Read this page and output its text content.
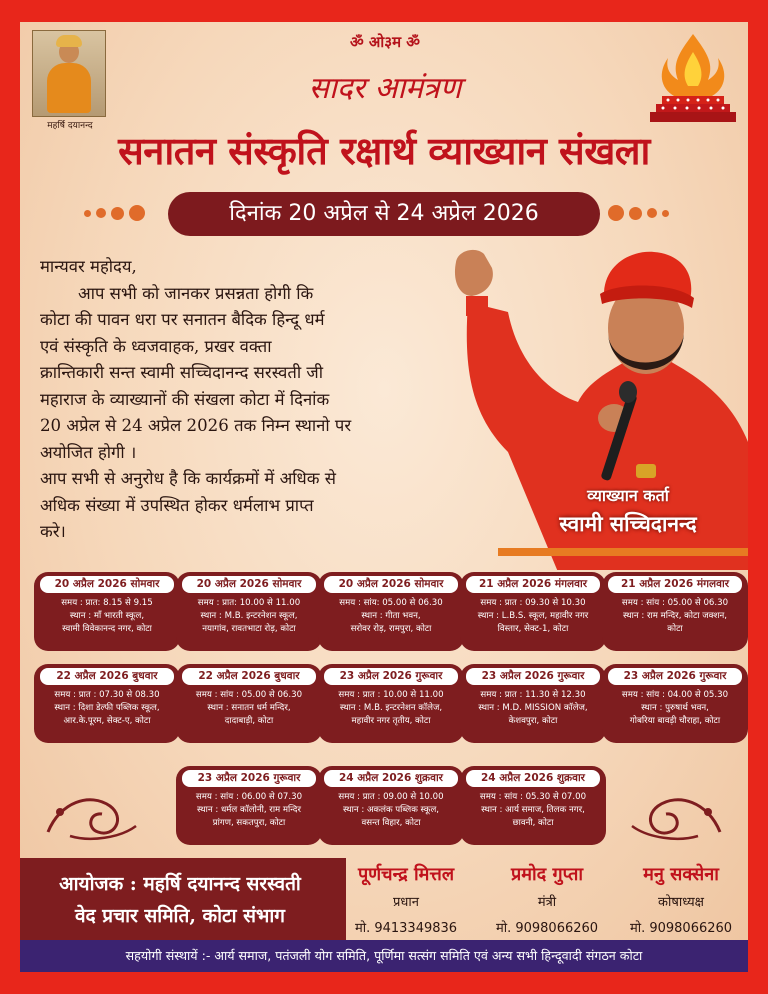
महर्षि दयानन्द
ॐ ओ३म ॐ
सादर आमंत्रण
सनातन संस्कृति रक्षार्थ व्याख्यान संखला
दिनांक 20 अप्रेल से 24 अप्रेल 2026
मान्यवर महोदय,
आप सभी को जानकर प्रसन्नता होगी कि
कोटा की पावन धरा पर सनातन बैदिक हिन्दू धर्म
एवं संस्कृति के ध्वजवाहक, प्रखर वक्ता
क्रान्तिकारी सन्त स्वामी सच्चिदानन्द सरस्वती जी
महाराज के व्याख्यानों की संखला कोटा में दिनांक
20 अप्रेल से 24 अप्रेल 2026 तक निम्न स्थानो पर
अयोजित होगी ।
आप सभी से अनुरोध है कि कार्यक्रमों में अधिक से
अधिक संख्या में उपस्थित होकर धर्मलाभ प्राप्त
करे।
व्याख्यान कर्ता
स्वामी सच्चिदानन्द
20 अप्रैल 2026 सोमवार
समय : प्रात: 8.15 से 9.15
स्थान : माँ भारती स्कूल,
स्वामी विवेकानन्द नगर, कोटा
20 अप्रैल 2026 सोमवार
समय : प्रात: 10.00 से 11.00
स्थान : M.B. इन्टरनेशन स्कूल,
नयागांव, रावतभाटा रोड़, कोटा
20 अप्रैल 2026 सोमवार
समय : सांय: 05.00 से 06.30
स्थान : गीता भवन,
सरोवर रोड़, रामपुरा, कोटा
21 अप्रैल 2026 मंगलवार
समय : प्रात : 09.30 से 10.30
स्थान : L.B.S. स्कूल, महावीर नगर
विस्तार, सेक्ट-1, कोटा
21 अप्रैल 2026 मंगलवार
समय : सांय : 05.00 से 06.30
स्थान : राम मन्दिर, कोटा जक्शन,
कोटा
22 अप्रैल 2026 बुधवार
समय : प्रात : 07.30 से 08.30
स्थान : दिशा डेल्फी पब्लिक स्कूल,
आर.के.पूरम, सेक्ट-ए, कोटा
22 अप्रैल 2026 बुधवार
समय : सांय : 05.00 से 06.30
स्थान : सनातन धर्म मन्दिर,
दादाबाड़ी, कोटा
23 अप्रैल 2026 गुरूवार
समय : प्रात : 10.00 से 11.00
स्थान : M.B. इन्टरनेशन कॉलेज,
महावीर नगर तृतीय, कोटा
23 अप्रैल 2026 गुरूवार
समय : प्रात : 11.30 से 12.30
स्थान : M.D. MISSION कॉलेज,
केशवपुरा, कोटा
23 अप्रैल 2026 गुरूवार
समय : सांय : 04.00 से 05.30
स्थान : पुरुषार्थ भवन,
गोबरिया बावड़ी चौराहा, कोटा
23 अप्रैल 2026 गुरूवार
समय : सांय : 06.00 से 07.30
स्थान : धर्मल कॉलोनी, राम मन्दिर
प्रांगण, सकतपुरा, कोटा
24 अप्रैल 2026 शुक्रवार
समय : प्रात : 09.00 से 10.00
स्थान : अकलंक पब्लिक स्कूल,
वसन्त विहार, कोटा
24 अप्रैल 2026 शुक्रवार
समय : सांय : 05.30 से 07.00
स्थान : आर्य समाज, तिलक नगर,
छावनी, कोटा
आयोजक : महर्षि दयानन्द सरस्वती
वेद प्रचार समिति, कोटा संभाग
पूर्णचन्द्र मित्तल
प्रधान
मो. 9413349836
प्रमोद गुप्ता
मंत्री
मो. 9098066260
मनु सक्सेना
कोषाध्यक्ष
मो. 9098066260
सहयोगी संस्थायें :- आर्य समाज, पतंजली योग समिति, पूर्णिमा सत्संग समिति एवं अन्य सभी हिन्दूवादी संगठन कोटा
